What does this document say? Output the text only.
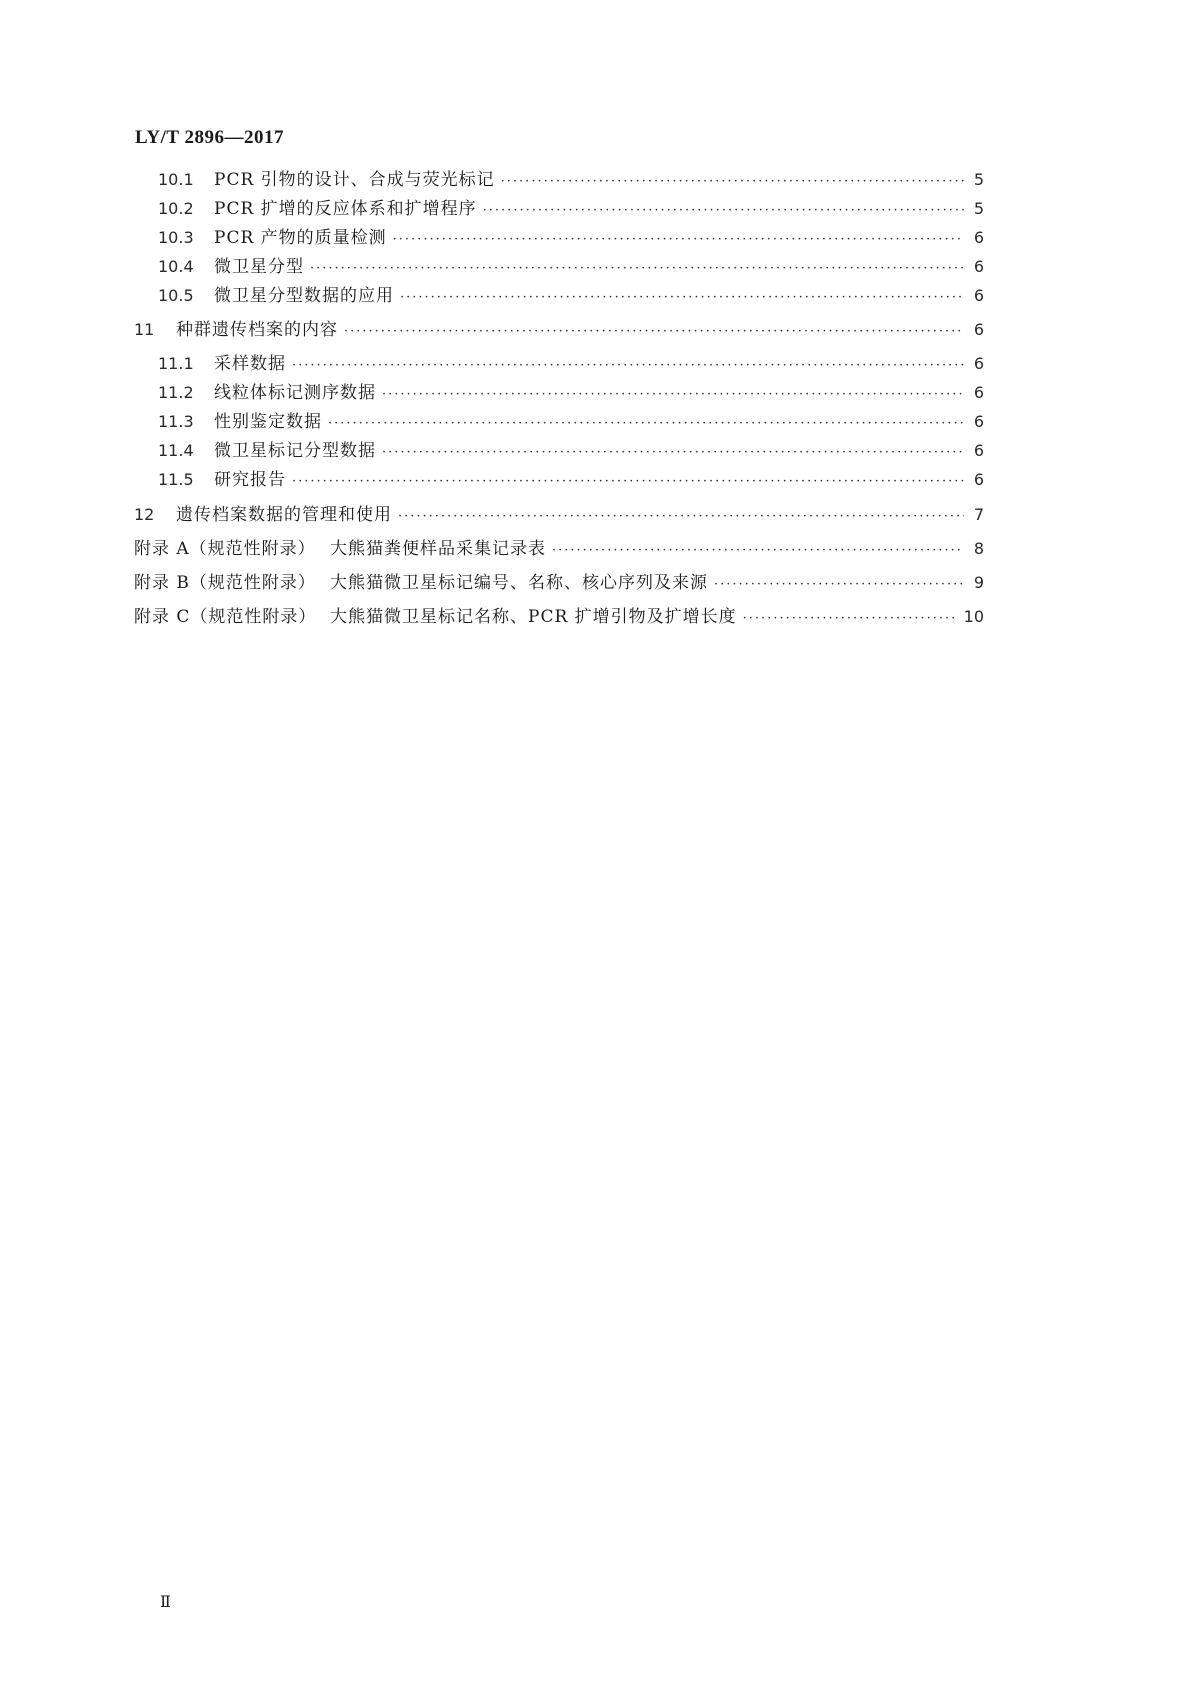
LY/T 2896—2017
10.1	PCR 引物的设计、合成与荧光标记 ·····	5
10.2	PCR 扩增的反应体系和扩增程序 ·····	5
10.3	PCR 产物的质量检测 ·····	6
10.4	微卫星分型 ·····	6
10.5	微卫星分型数据的应用 ·····	6
11	种群遗传档案的内容 ·····	6
11.1	采样数据 ·····	6
11.2	线粒体标记测序数据 ·····	6
11.3	性别鉴定数据 ·····	6
11.4	微卫星标记分型数据 ·····	6
11.5	研究报告 ·····	6
12	遗传档案数据的管理和使用 ·····	7
附录 A（规范性附录） 大熊猫粪便样品采集记录表 ·····	8
附录 B（规范性附录） 大熊猫微卫星标记编号、名称、核心序列及来源 ·····	9
附录 C（规范性附录） 大熊猫微卫星标记名称、PCR 扩增引物及扩增长度 ·····	10
Ⅱ
